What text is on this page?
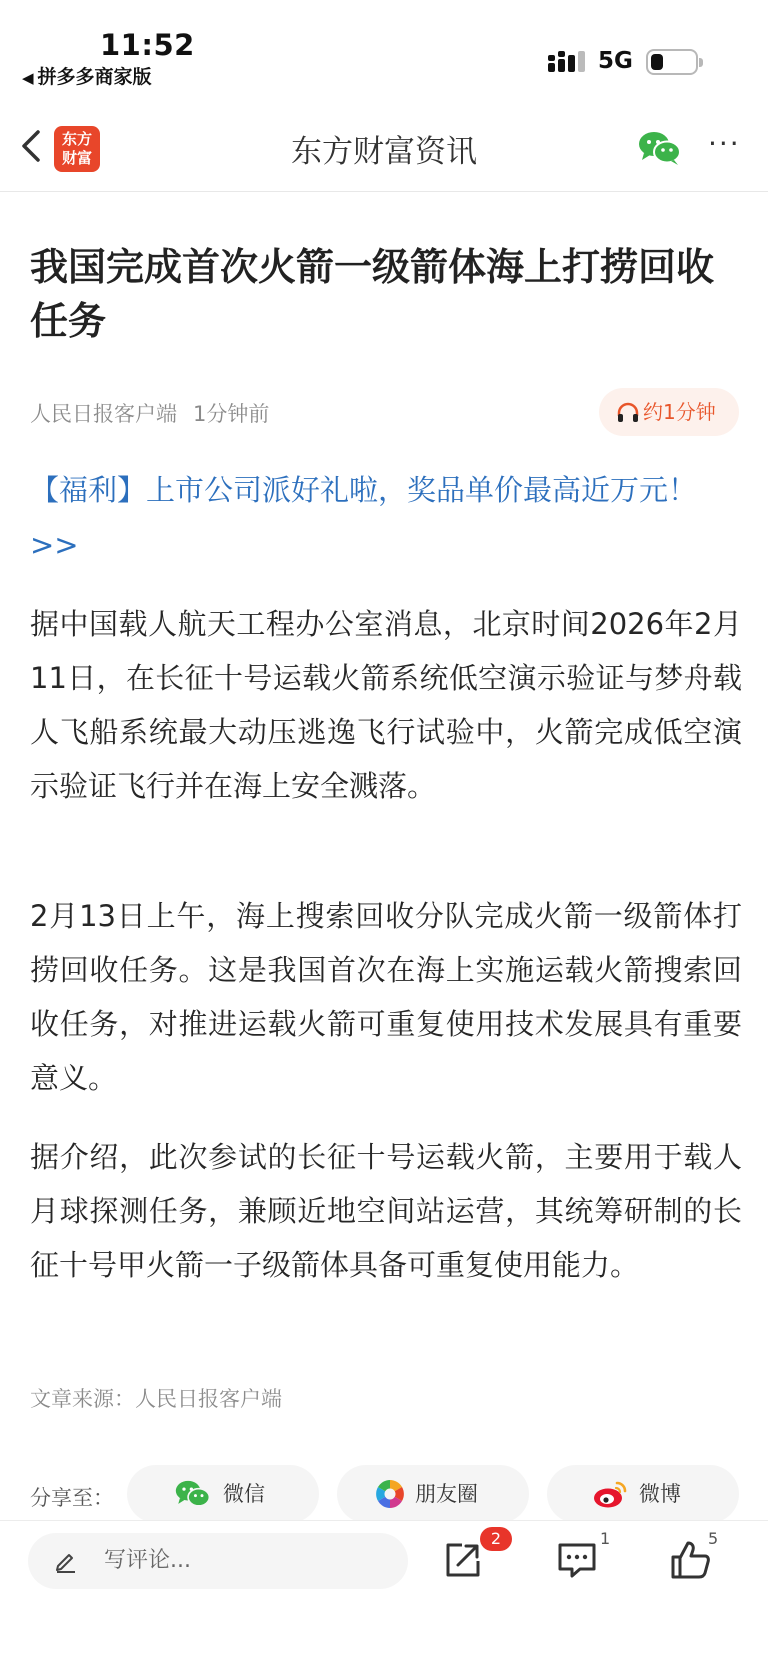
11:52
◀ 拼多多商家版
5G
东方
财富	东方财富资讯	···
我国完成首次火箭一级箭体海上打捞回收任务
人民日报客户端 1分钟前	约1分钟
【福利】上市公司派好礼啦，奖品单价最高近万元！>>
据中国载人航天工程办公室消息，北京时间2026年2月11日，在长征十号运载火箭系统低空演示验证与梦舟载人飞船系统最大动压逃逸飞行试验中，火箭完成低空演示验证飞行并在海上安全溅落。
2月13日上午，海上搜索回收分队完成火箭一级箭体打捞回收任务。这是我国首次在海上实施运载火箭搜索回收任务，对推进运载火箭可重复使用技术发展具有重要意义。
据介绍，此次参试的长征十号运载火箭，主要用于载人月球探测任务，兼顾近地空间站运营，其统筹研制的长征十号甲火箭一子级箭体具备可重复使用能力。
文章来源：人民日报客户端
分享至：	微信	朋友圈	微博
写评论...
2	1	5
